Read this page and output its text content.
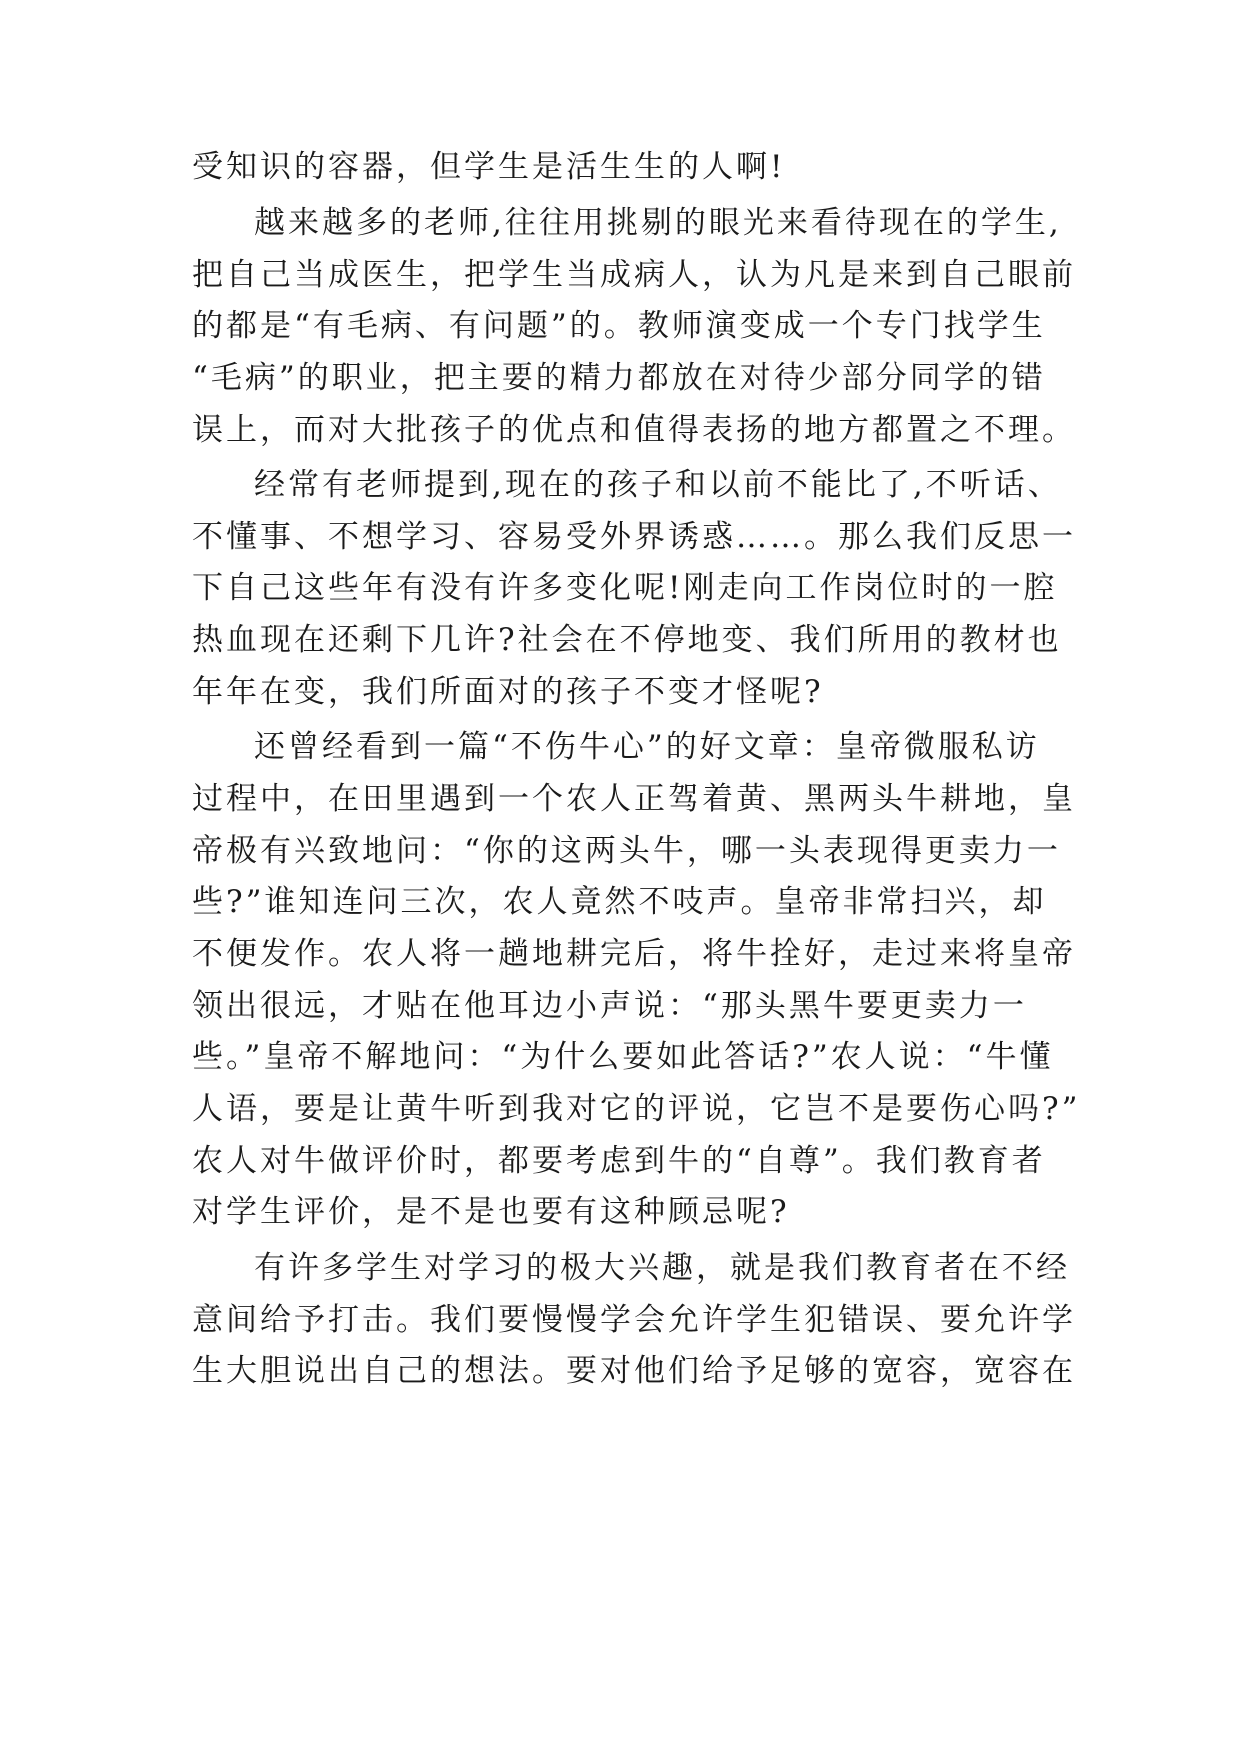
受知识的容器，但学生是活生生的人啊!
越来越多的老师,往往用挑剔的眼光来看待现在的学生,
把自己当成医生，把学生当成病人，认为凡是来到自己眼前
的都是“有毛病、有问题”的。教师演变成一个专门找学生
“毛病”的职业，把主要的精力都放在对待少部分同学的错
误上，而对大批孩子的优点和值得表扬的地方都置之不理。
经常有老师提到,现在的孩子和以前不能比了,不听话、
不懂事、不想学习、容易受外界诱惑……。那么我们反思一
下自己这些年有没有许多变化呢!刚走向工作岗位时的一腔
热血现在还剩下几许?社会在不停地变、我们所用的教材也
年年在变，我们所面对的孩子不变才怪呢?
还曾经看到一篇“不伤牛心”的好文章：皇帝微服私访
过程中，在田里遇到一个农人正驾着黄、黑两头牛耕地，皇
帝极有兴致地问：“你的这两头牛，哪一头表现得更卖力一
些?”谁知连问三次，农人竟然不吱声。皇帝非常扫兴，却
不便发作。农人将一趟地耕完后，将牛拴好，走过来将皇帝
领出很远，才贴在他耳边小声说：“那头黑牛要更卖力一
些。”皇帝不解地问：“为什么要如此答话?”农人说：“牛懂
人语，要是让黄牛听到我对它的评说，它岂不是要伤心吗?”
农人对牛做评价时，都要考虑到牛的“自尊”。我们教育者
对学生评价，是不是也要有这种顾忌呢?
有许多学生对学习的极大兴趣，就是我们教育者在不经
意间给予打击。我们要慢慢学会允许学生犯错误、要允许学
生大胆说出自己的想法。要对他们给予足够的宽容，宽容在
